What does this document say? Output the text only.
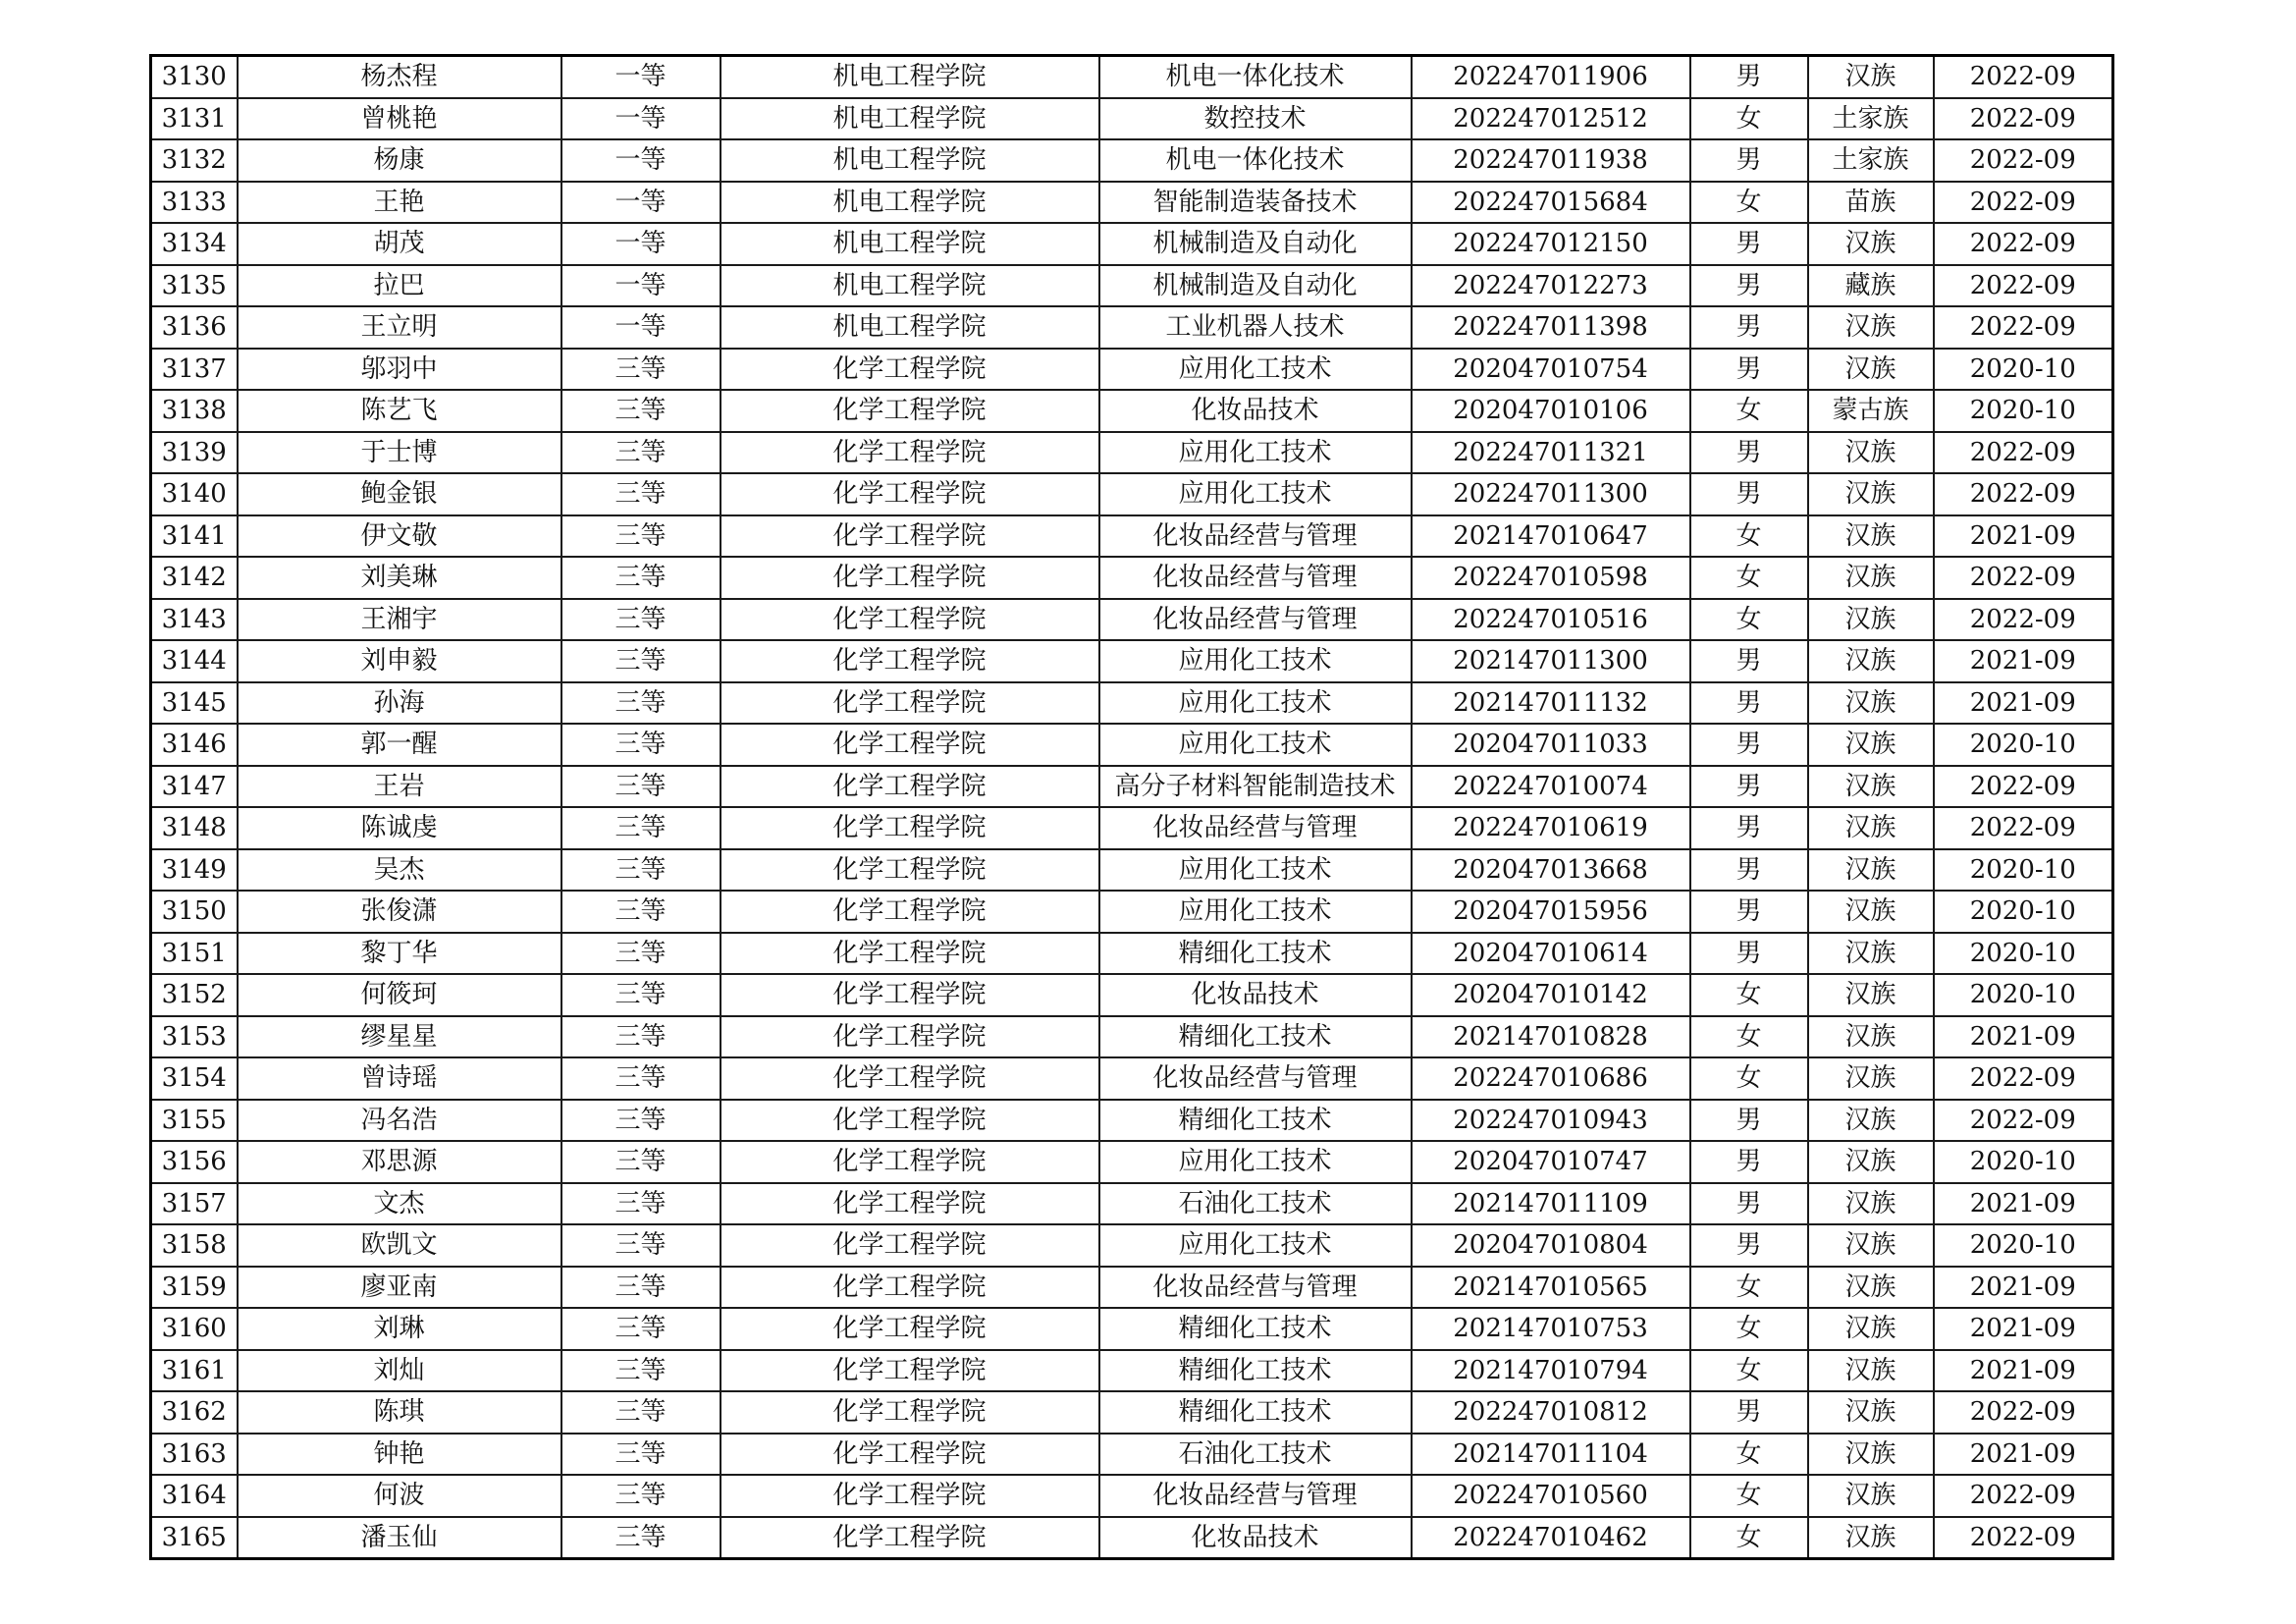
3130	杨杰程	一等	机电工程学院	机电一体化技术	202247011906	男	汉族	2022-09
3131	曾桃艳	一等	机电工程学院	数控技术	202247012512	女	土家族	2022-09
3132	杨康	一等	机电工程学院	机电一体化技术	202247011938	男	土家族	2022-09
3133	王艳	一等	机电工程学院	智能制造装备技术	202247015684	女	苗族	2022-09
3134	胡茂	一等	机电工程学院	机械制造及自动化	202247012150	男	汉族	2022-09
3135	拉巴	一等	机电工程学院	机械制造及自动化	202247012273	男	藏族	2022-09
3136	王立明	一等	机电工程学院	工业机器人技术	202247011398	男	汉族	2022-09
3137	邬羽中	三等	化学工程学院	应用化工技术	202047010754	男	汉族	2020-10
3138	陈艺飞	三等	化学工程学院	化妆品技术	202047010106	女	蒙古族	2020-10
3139	于士博	三等	化学工程学院	应用化工技术	202247011321	男	汉族	2022-09
3140	鲍金银	三等	化学工程学院	应用化工技术	202247011300	男	汉族	2022-09
3141	伊文敬	三等	化学工程学院	化妆品经营与管理	202147010647	女	汉族	2021-09
3142	刘美琳	三等	化学工程学院	化妆品经营与管理	202247010598	女	汉族	2022-09
3143	王湘宇	三等	化学工程学院	化妆品经营与管理	202247010516	女	汉族	2022-09
3144	刘申毅	三等	化学工程学院	应用化工技术	202147011300	男	汉族	2021-09
3145	孙海	三等	化学工程学院	应用化工技术	202147011132	男	汉族	2021-09
3146	郭一醒	三等	化学工程学院	应用化工技术	202047011033	男	汉族	2020-10
3147	王岩	三等	化学工程学院	高分子材料智能制造技术	202247010074	男	汉族	2022-09
3148	陈诚虔	三等	化学工程学院	化妆品经营与管理	202247010619	男	汉族	2022-09
3149	吴杰	三等	化学工程学院	应用化工技术	202047013668	男	汉族	2020-10
3150	张俊潇	三等	化学工程学院	应用化工技术	202047015956	男	汉族	2020-10
3151	黎丁华	三等	化学工程学院	精细化工技术	202047010614	男	汉族	2020-10
3152	何筱珂	三等	化学工程学院	化妆品技术	202047010142	女	汉族	2020-10
3153	缪星星	三等	化学工程学院	精细化工技术	202147010828	女	汉族	2021-09
3154	曾诗瑶	三等	化学工程学院	化妆品经营与管理	202247010686	女	汉族	2022-09
3155	冯名浩	三等	化学工程学院	精细化工技术	202247010943	男	汉族	2022-09
3156	邓思源	三等	化学工程学院	应用化工技术	202047010747	男	汉族	2020-10
3157	文杰	三等	化学工程学院	石油化工技术	202147011109	男	汉族	2021-09
3158	欧凯文	三等	化学工程学院	应用化工技术	202047010804	男	汉族	2020-10
3159	廖亚南	三等	化学工程学院	化妆品经营与管理	202147010565	女	汉族	2021-09
3160	刘琳	三等	化学工程学院	精细化工技术	202147010753	女	汉族	2021-09
3161	刘灿	三等	化学工程学院	精细化工技术	202147010794	女	汉族	2021-09
3162	陈琪	三等	化学工程学院	精细化工技术	202247010812	男	汉族	2022-09
3163	钟艳	三等	化学工程学院	石油化工技术	202147011104	女	汉族	2021-09
3164	何波	三等	化学工程学院	化妆品经营与管理	202247010560	女	汉族	2022-09
3165	潘玉仙	三等	化学工程学院	化妆品技术	202247010462	女	汉族	2022-09
